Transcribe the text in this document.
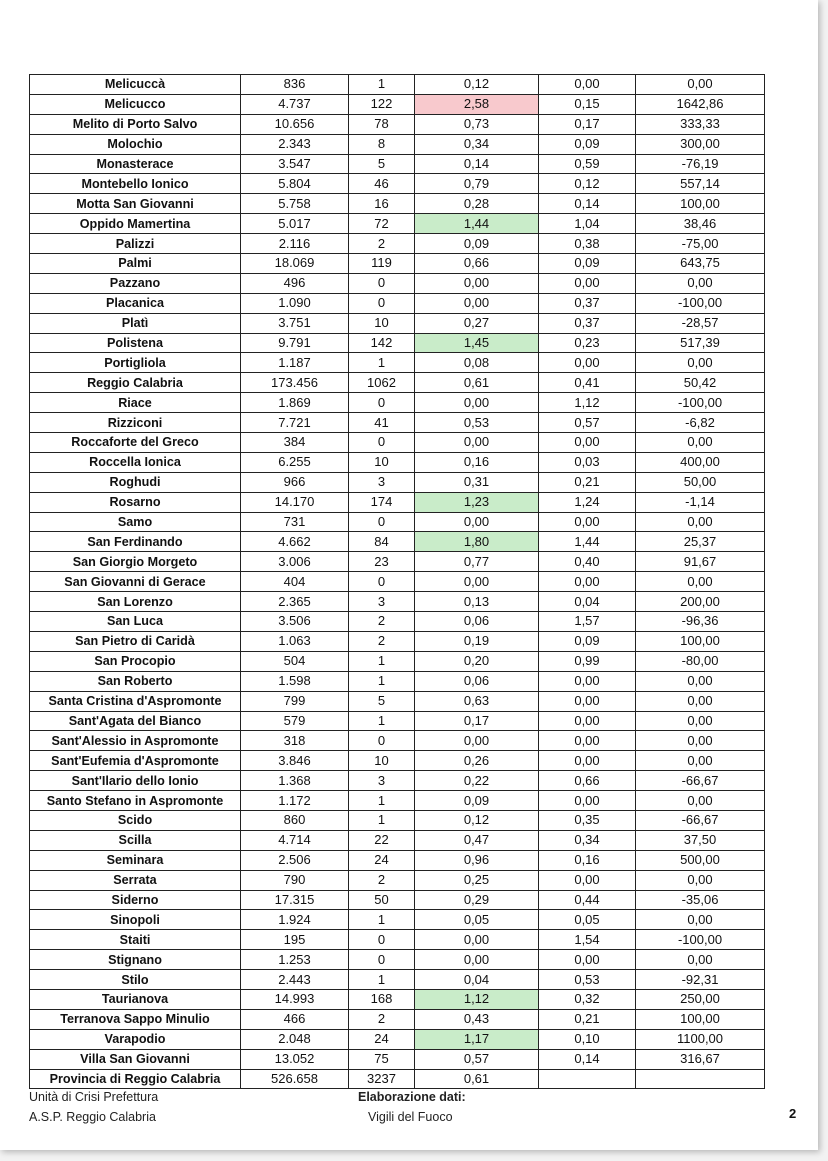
Melicuccà	836	1	0,12	0,00	0,00
Melicucco	4.737	122	2,58	0,15	1642,86
Melito di Porto Salvo	10.656	78	0,73	0,17	333,33
Molochio	2.343	8	0,34	0,09	300,00
Monasterace	3.547	5	0,14	0,59	-76,19
Montebello Ionico	5.804	46	0,79	0,12	557,14
Motta San Giovanni	5.758	16	0,28	0,14	100,00
Oppido Mamertina	5.017	72	1,44	1,04	38,46
Palizzi	2.116	2	0,09	0,38	-75,00
Palmi	18.069	119	0,66	0,09	643,75
Pazzano	496	0	0,00	0,00	0,00
Placanica	1.090	0	0,00	0,37	-100,00
Platì	3.751	10	0,27	0,37	-28,57
Polistena	9.791	142	1,45	0,23	517,39
Portigliola	1.187	1	0,08	0,00	0,00
Reggio Calabria	173.456	1062	0,61	0,41	50,42
Riace	1.869	0	0,00	1,12	-100,00
Rizziconi	7.721	41	0,53	0,57	-6,82
Roccaforte del Greco	384	0	0,00	0,00	0,00
Roccella Ionica	6.255	10	0,16	0,03	400,00
Roghudi	966	3	0,31	0,21	50,00
Rosarno	14.170	174	1,23	1,24	-1,14
Samo	731	0	0,00	0,00	0,00
San Ferdinando	4.662	84	1,80	1,44	25,37
San Giorgio Morgeto	3.006	23	0,77	0,40	91,67
San Giovanni di Gerace	404	0	0,00	0,00	0,00
San Lorenzo	2.365	3	0,13	0,04	200,00
San Luca	3.506	2	0,06	1,57	-96,36
San Pietro di Caridà	1.063	2	0,19	0,09	100,00
San Procopio	504	1	0,20	0,99	-80,00
San Roberto	1.598	1	0,06	0,00	0,00
Santa Cristina d'Aspromonte	799	5	0,63	0,00	0,00
Sant'Agata del Bianco	579	1	0,17	0,00	0,00
Sant'Alessio in Aspromonte	318	0	0,00	0,00	0,00
Sant'Eufemia d'Aspromonte	3.846	10	0,26	0,00	0,00
Sant'Ilario dello Ionio	1.368	3	0,22	0,66	-66,67
Santo Stefano in Aspromonte	1.172	1	0,09	0,00	0,00
Scido	860	1	0,12	0,35	-66,67
Scilla	4.714	22	0,47	0,34	37,50
Seminara	2.506	24	0,96	0,16	500,00
Serrata	790	2	0,25	0,00	0,00
Siderno	17.315	50	0,29	0,44	-35,06
Sinopoli	1.924	1	0,05	0,05	0,00
Staiti	195	0	0,00	1,54	-100,00
Stignano	1.253	0	0,00	0,00	0,00
Stilo	2.443	1	0,04	0,53	-92,31
Taurianova	14.993	168	1,12	0,32	250,00
Terranova Sappo Minulio	466	2	0,43	0,21	100,00
Varapodio	2.048	24	1,17	0,10	1100,00
Villa San Giovanni	13.052	75	0,57	0,14	316,67
Provincia di Reggio Calabria	526.658	3237	0,61		
Unità di Crisi Prefettura
A.S.P. Reggio Calabria
Elaborazione dati:
Vigili del Fuoco	2
